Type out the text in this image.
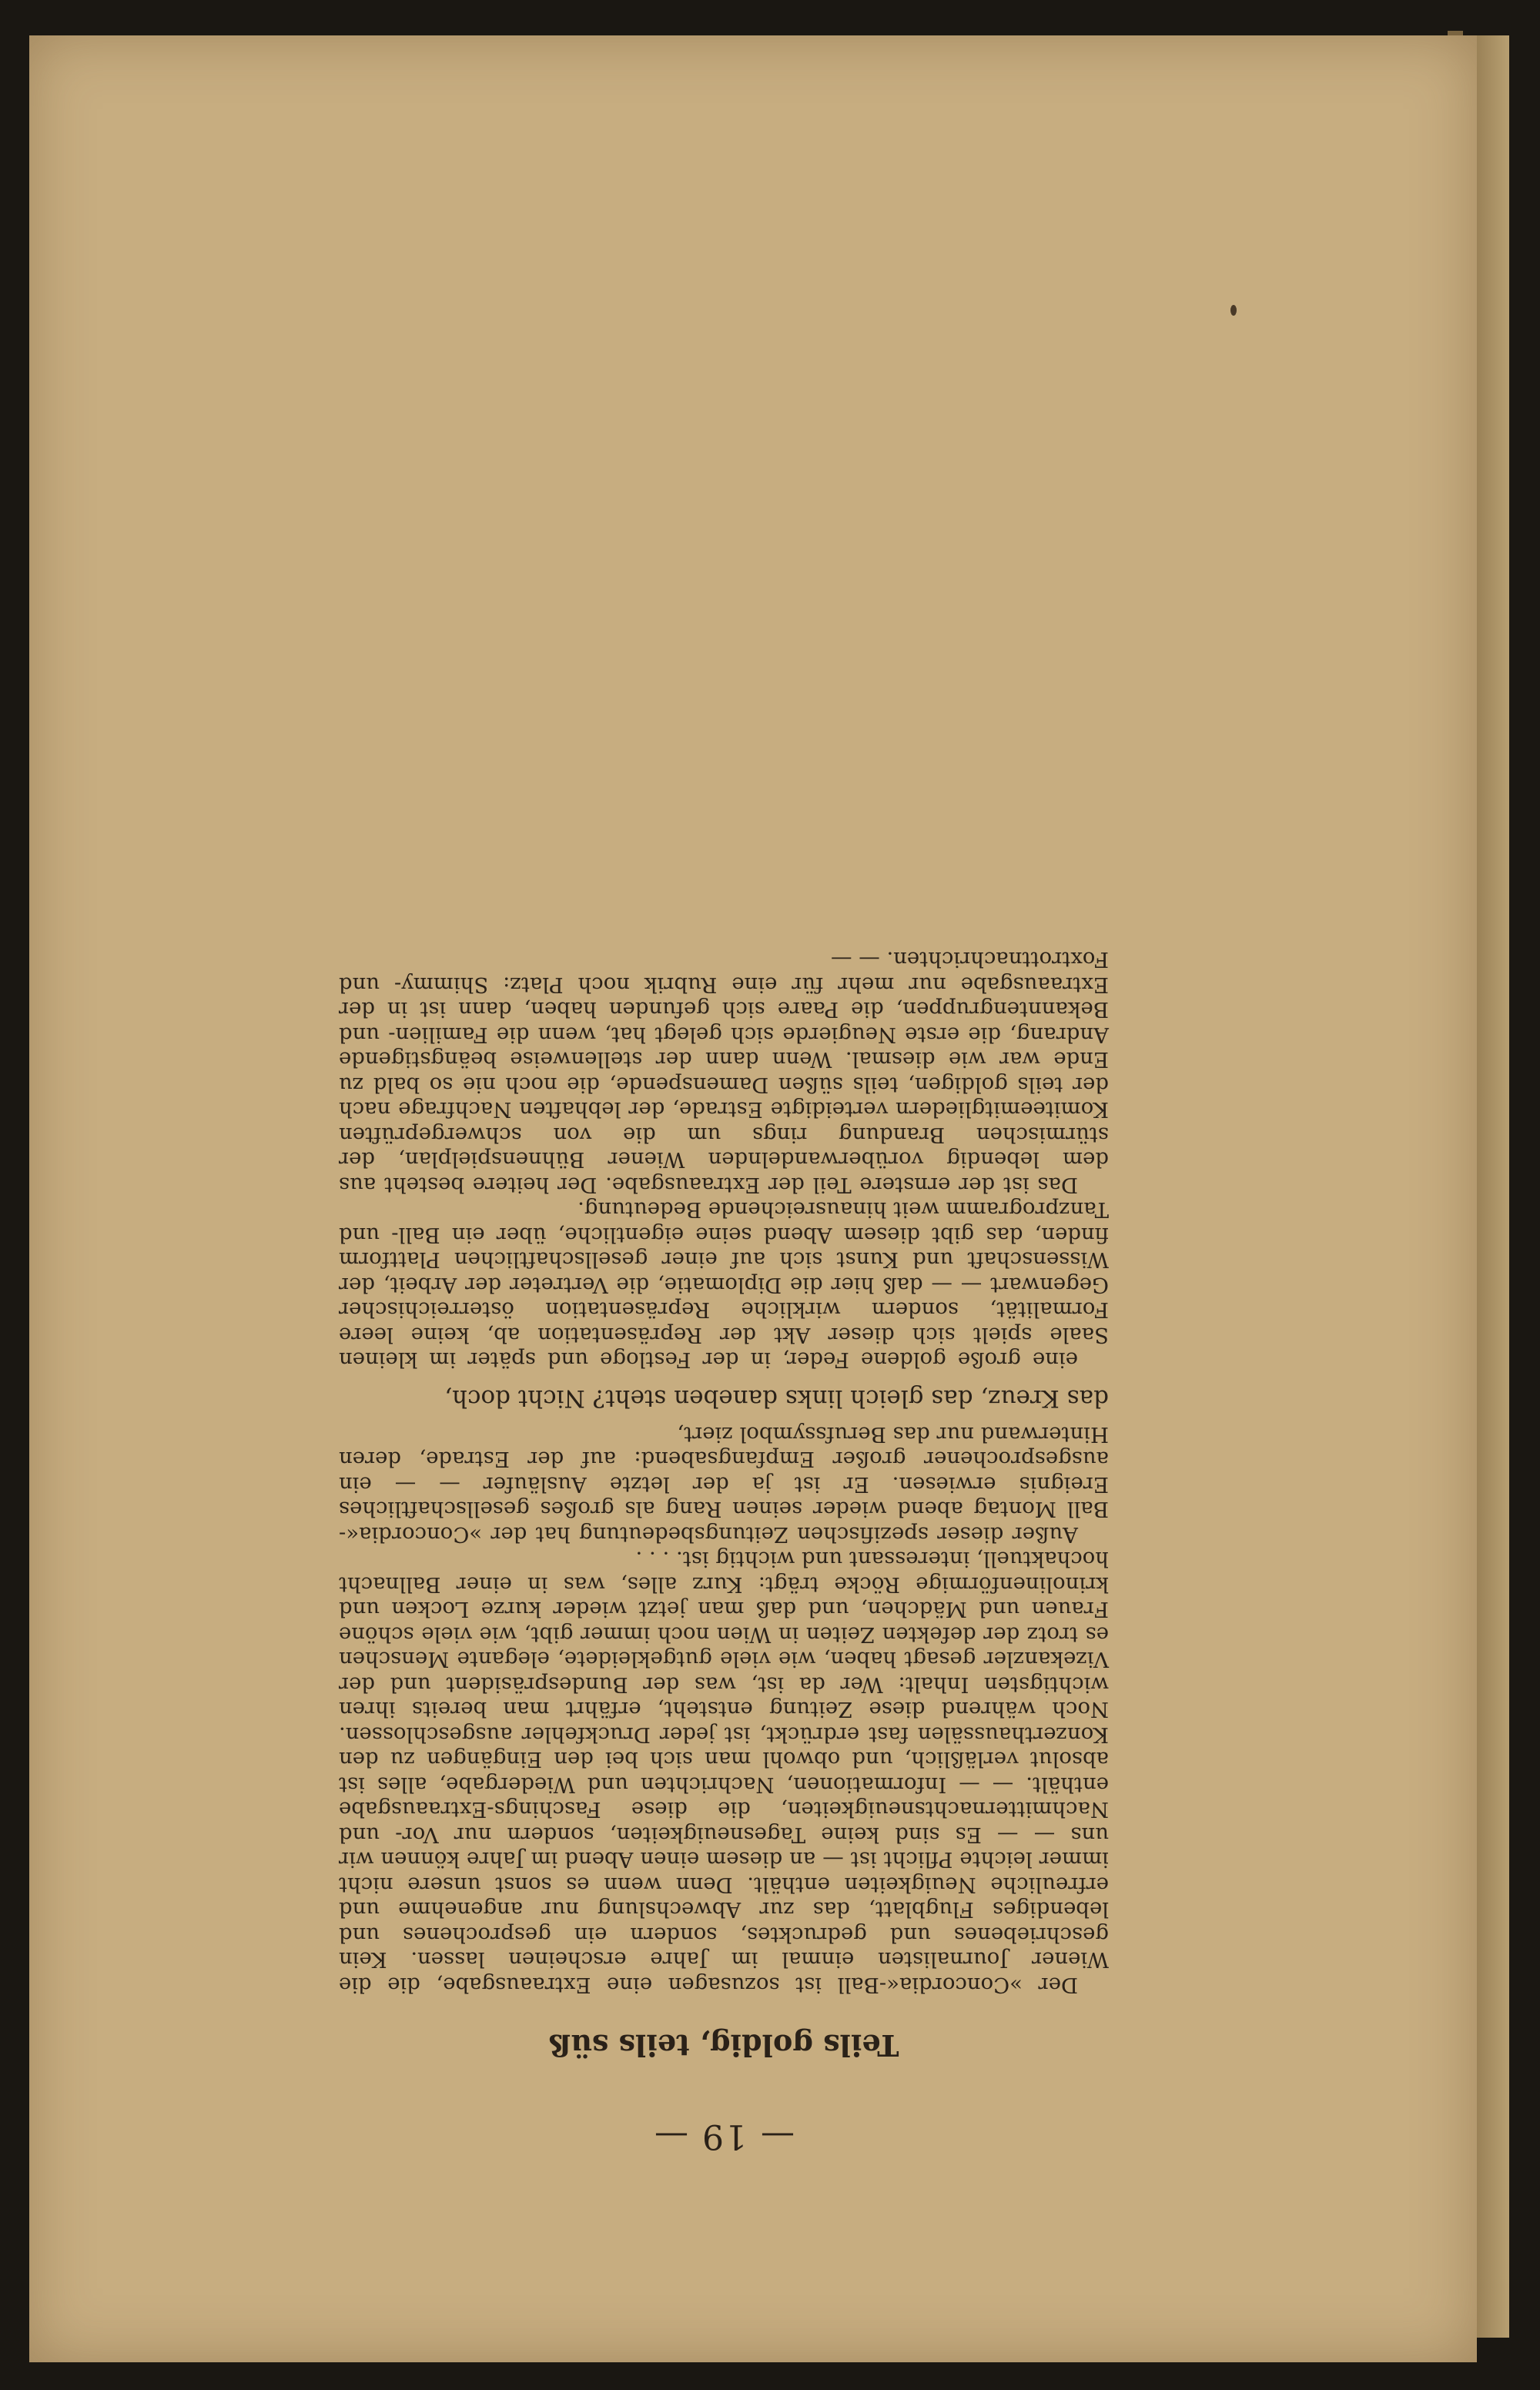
— 19 —
Teils goldig, teils süß

Der »Concordia«-Ball ist sozusagen eine Extraausgabe, die die Wiener Journalisten einmal im Jahre erscheinen lassen. Kein geschriebenes und gedrucktes, sondern ein gesprochenes und lebendiges Flugblatt, das zur Abwechslung nur angenehme und erfreuliche Neuigkeiten enthält. Denn wenn es sonst unsere nicht immer leichte Pflicht ist — an diesem einen Abend im Jahre können wir uns — — Es sind keine Tagesneuigkeiten, sondern nur Vor- und Nachmitternachtsneuigkeiten, die diese Faschings-Extraausgabe enthält. — — Informationen, Nachrichten und Wiedergabe, alles ist absolut verläßlich, und obwohl man sich bei den Eingängen zu den Konzerthaussälen fast erdrückt, ist jeder Druckfehler ausgeschlossen. Noch während diese Zeitung entsteht, erfährt man bereits ihren wichtigsten Inhalt: Wer da ist, was der Bundespräsident und der Vizekanzler gesagt haben, wie viele gutgekleidete, elegante Menschen es trotz der defekten Zeiten in Wien noch immer gibt, wie viele schöne Frauen und Mädchen, und daß man jetzt wieder kurze Locken und krinolinenförmige Röcke trägt: Kurz alles, was in einer Ballnacht hochaktuell, interessant und wichtig ist. . . .

Außer dieser spezifischen Zeitungsbedeutung hat der »Concordia«-Ball Montag abend wieder seinen Rang als großes gesellschaftliches Ereignis erwiesen. Er ist ja der letzte Ausläufer — — ein ausgesprochener großer Empfangsabend: auf der Estrade, deren Hinterwand nur das Berufssymbol ziert,

das Kreuz, das gleich links daneben steht? Nicht doch,

eine große goldene Feder, in der Festloge und später im kleinen Saale spielt sich dieser Akt der Repräsentation ab, keine leere Formalität, sondern wirkliche Repräsentation österreichischer Gegenwart — — daß hier die Diplomatie, die Vertreter der Arbeit, der Wissenschaft und Kunst sich auf einer gesellschaftlichen Plattform finden, das gibt diesem Abend seine eigentliche, über ein Ball- und Tanzprogramm weit hinausreichende Bedeutung.

Das ist der ernstere Teil der Extraausgabe. Der heitere besteht aus dem lebendig vorüberwandelnden Wiener Bühnenspielplan, der stürmischen Brandung rings um die von schwergeprüften Komiteemitgliedern verteidigte Estrade, der lebhaften Nachfrage nach der teils goldigen, teils süßen Damenspende, die noch nie so bald zu Ende war wie diesmal. Wenn dann der stellenweise beängstigende Andrang, die erste Neugierde sich gelegt hat, wenn die Familien- und Bekanntengruppen, die Paare sich gefunden haben, dann ist in der Extraausgabe nur mehr für eine Rubrik noch Platz: Shimmy- und Foxtrottnachrichten. — —
